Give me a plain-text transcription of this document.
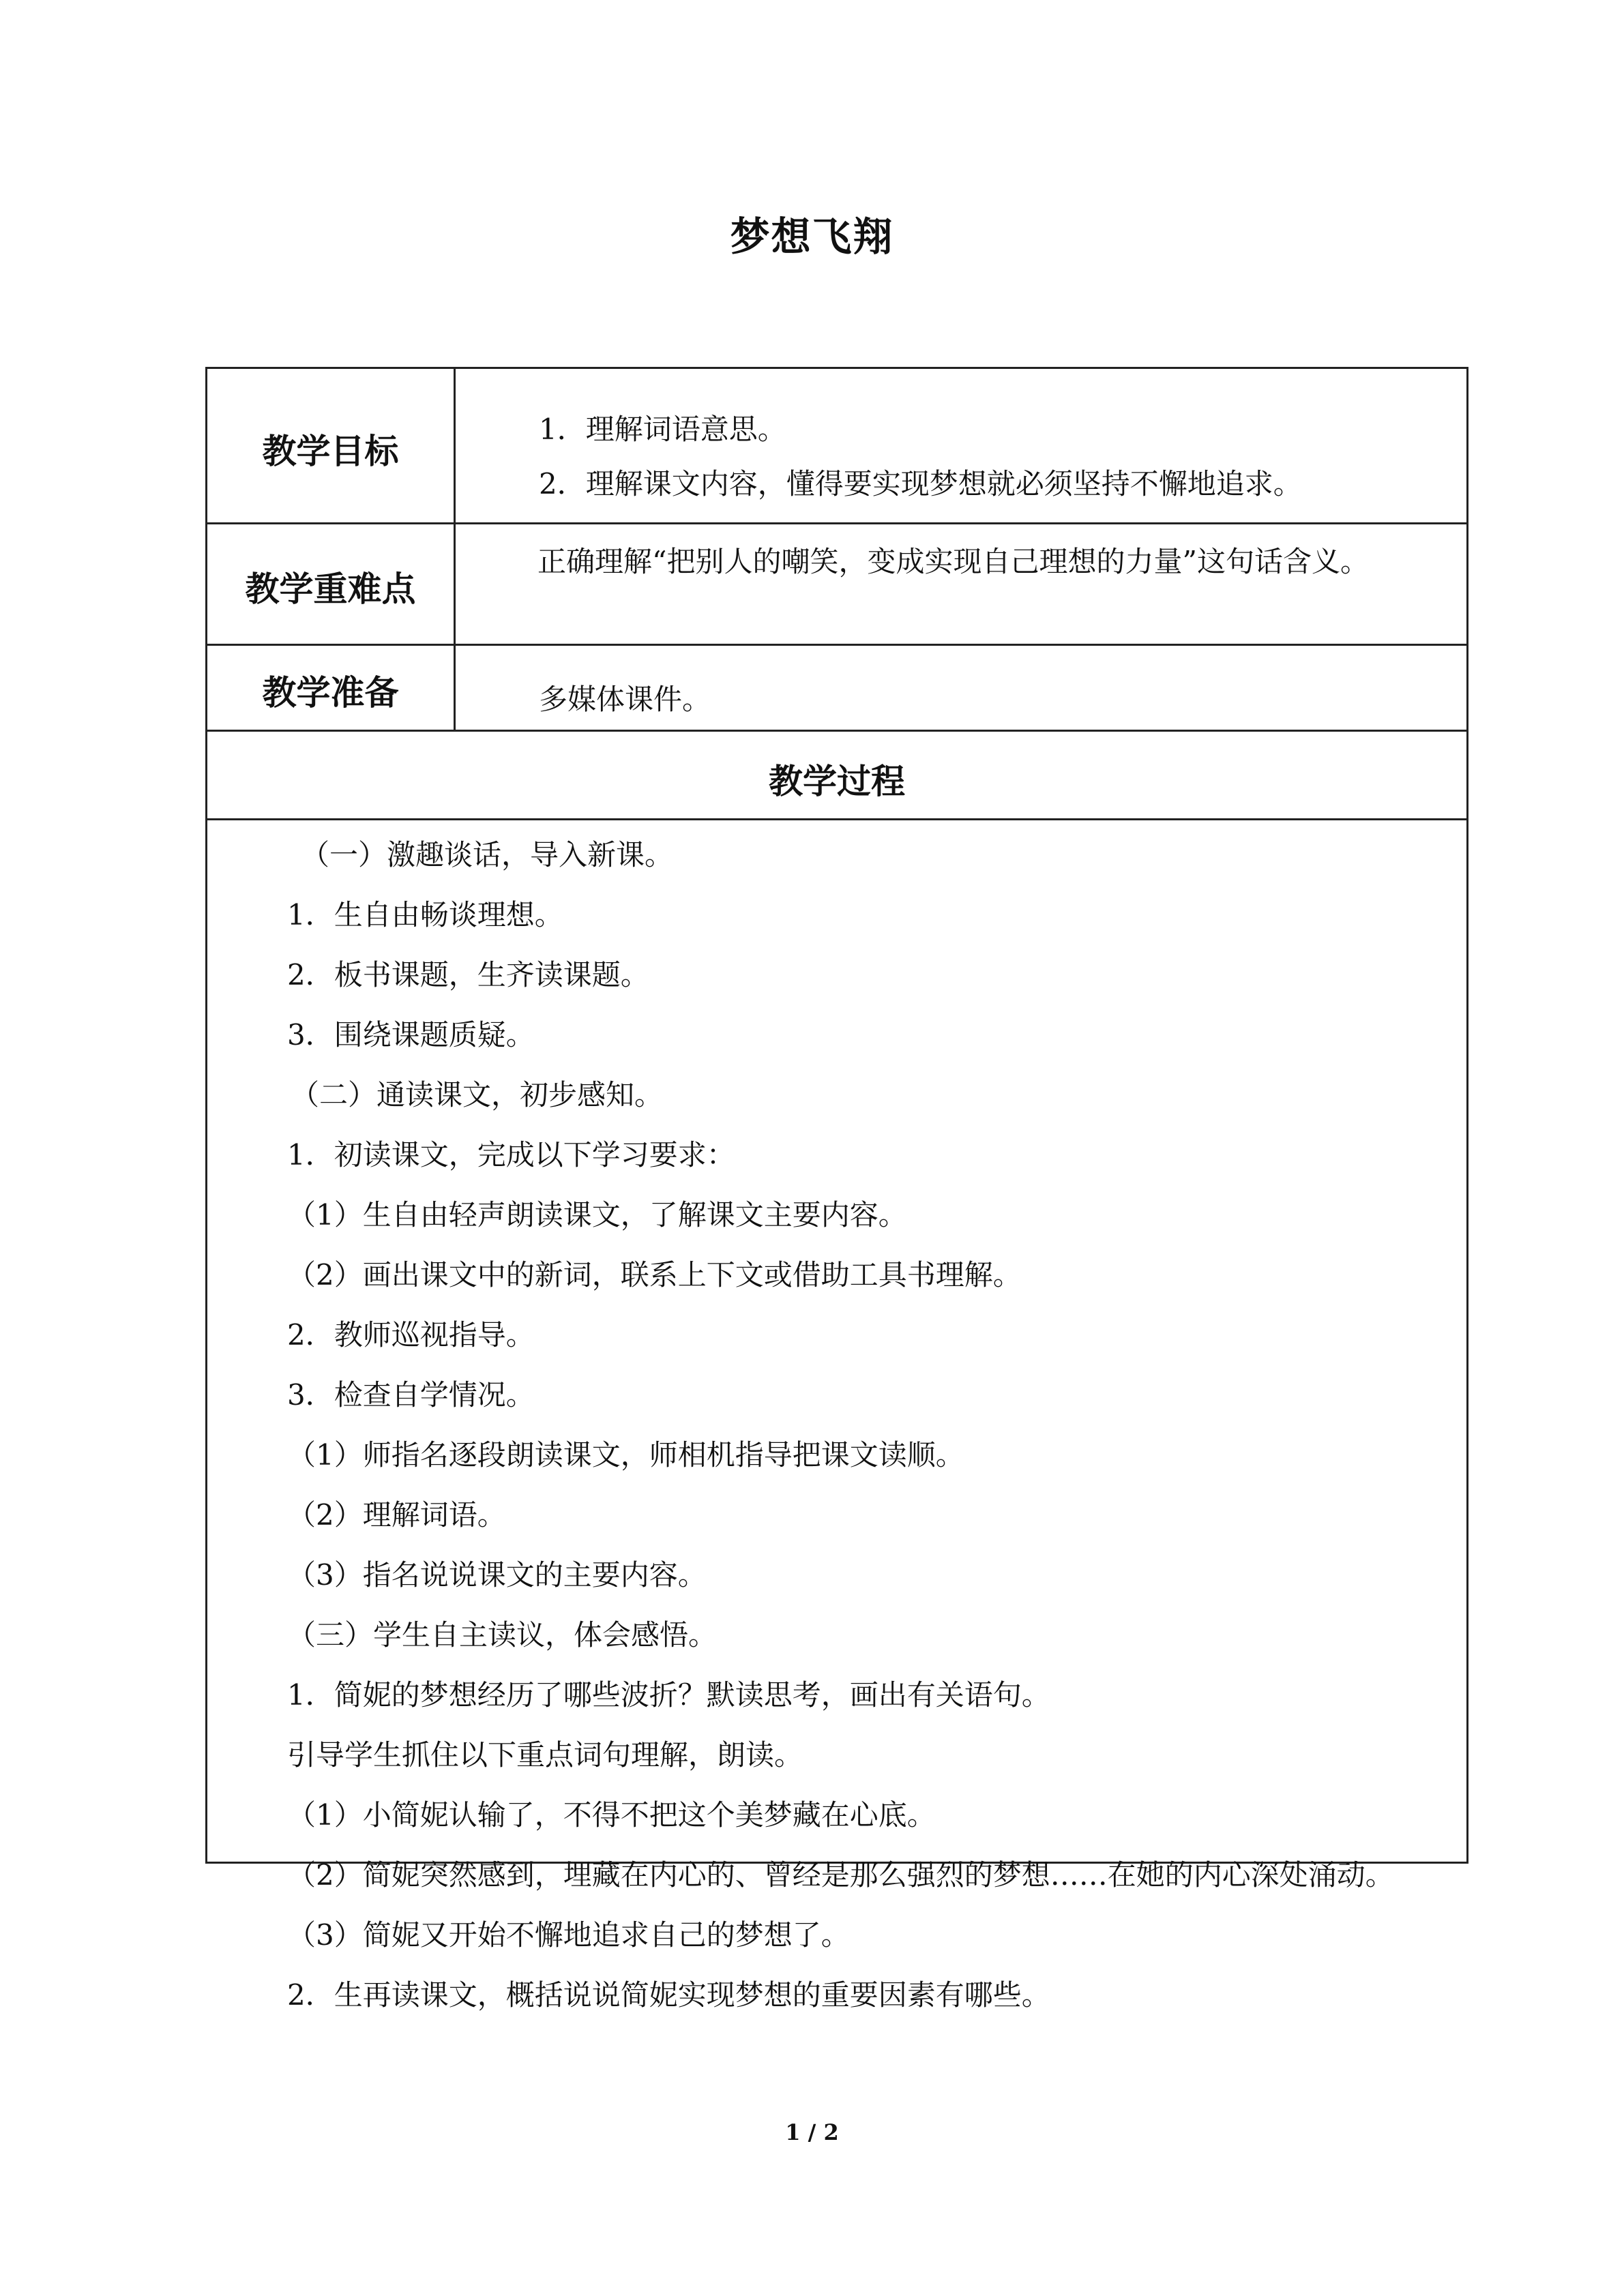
梦想飞翔
教学目标
1．理解词语意思。
2．理解课文内容，懂得要实现梦想就必须坚持不懈地追求。
教学重难点
正确理解“把别人的嘲笑，变成实现自己理想的力量”这句话含义。
教学准备	多媒体课件。
教学过程

（一）激趣谈话，导入新课。

1．生自由畅谈理想。

2．板书课题，生齐读课题。

3．围绕课题质疑。

（二）通读课文，初步感知。

1．初读课文，完成以下学习要求：

（1）生自由轻声朗读课文，了解课文主要内容。

（2）画出课文中的新词，联系上下文或借助工具书理解。

2．教师巡视指导。

3．检查自学情况。

（1）师指名逐段朗读课文，师相机指导把课文读顺。

（2）理解词语。

（3）指名说说课文的主要内容。

（三）学生自主读议，体会感悟。

1．简妮的梦想经历了哪些波折？默读思考，画出有关语句。

引导学生抓住以下重点词句理解，朗读。

（1）小简妮认输了，不得不把这个美梦藏在心底。

（2）简妮突然感到，埋藏在内心的、曾经是那么强烈的梦想……在她的内心深处涌动。

（3）简妮又开始不懈地追求自己的梦想了。

2．生再读课文，概括说说简妮实现梦想的重要因素有哪些。

1 / 2
